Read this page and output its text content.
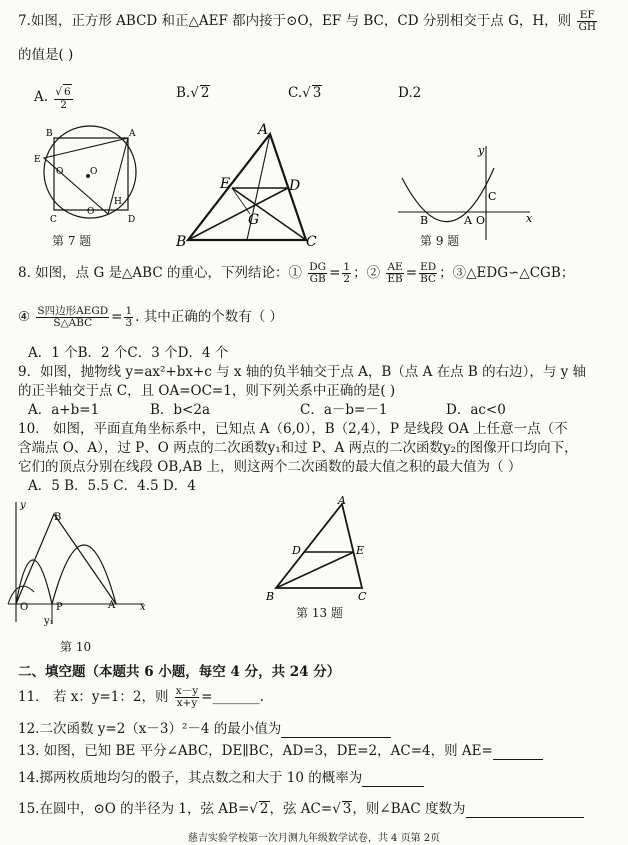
7.如图，正方形 ABCD 和正△AEF 都内接于⊙O，EF 与 BC，CD 分别相交于点 G，H，则 $\frac{EF}{GH}$
的值是( )
A. $\frac{√ 6}{2}$	B.√ 2	C.√ 3	D.2
B	A
E
O	O
H
D
C
O
第 7 题
A
E	D
G
B	C
y
C
B	A O	x
第 9 题
8. 如图，点 G 是△ABC 的重心，下列结论：① $\frac{DG}{GB} = \frac{1}{2}$ ；② $\frac{AE}{EB} = \frac{ED}{BC}$ ；③△EDG∽△CGB；
④ $\frac{\text{S四边形AEGD}}{\text{S△ABC}} = \frac{1}{3}$ . 其中正确的个数有（ ）
A．1 个B．2 个C．3 个D．4 个
9．如图，抛物线 y=ax²+bx+c 与 x 轴的负半轴交于点 A，B（点 A 在点 B 的右边），与 y 轴
的正半轴交于点 C，且 OA=OC=1，则下列关系中正确的是( )
A．a+b=1	B．b<2a	C．a－b=－1	D．ac<0
10． 如图，平面直角坐标系中，已知点 A（6,0），B（2,4），P 是线段 OA 上任意一点（不
含端点 O、A），过 P、O 两点的二次函数y₁和过 P、A 两点的二次函数y₂的图像开口均向下，
它们的顶点分别在线段 OB,AB 上，则这两个二次函数的最大值之积的最大值为（ ）
A．5 B．5.5 C．4.5 D．4
y
B
O	P	A x
y₁
第 10
A
D	E
B	C
第 13 题
二、填空题（本题共 6 小题，每空 4 分，共 24 分）
11． 若 x：y=1：2，则 $\frac{x-y}{x+y}$ =_______.
12.二次函数 y=2（x－3）²－4 的最小值为
13. 如图，已知 BE 平分∠ABC，DE∥BC，AD=3，DE=2，AC=4，则 AE=
14.掷两枚质地均匀的骰子，其点数之和大于 10 的概率为
15.在圆中，⊙O 的半径为 1，弦 AB=√ 2，弦 AC=√ 3，则∠BAC 度数为
慈吉实验学校第一次月测九年级数学试卷，共 4 页第 2页
